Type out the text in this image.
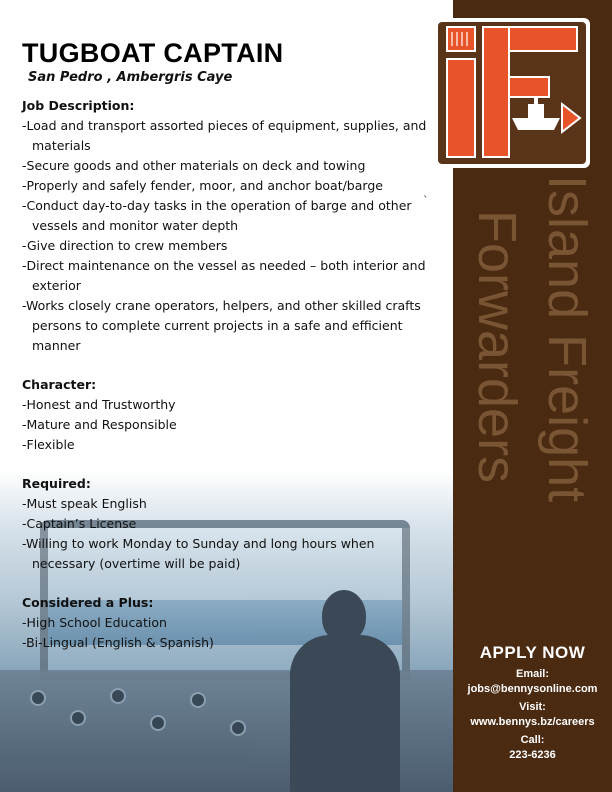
Island Freight
Forwarders
TUGBOAT CAPTAIN
San Pedro , Ambergris Caye
Job Description:
-Load and transport assorted pieces of equipment, supplies, and materials
-Secure goods and other materials on deck and towing
-Properly and safely fender, moor, and anchor boat/barge
-Conduct day-to-day tasks in the operation of barge and other vessels and monitor water depth
-Give direction to crew members
-Direct maintenance on the vessel as needed – both interior and exterior
-Works closely crane operators, helpers, and other skilled crafts persons to complete current projects in a safe and efficient manner
Character:
-Honest and Trustworthy
-Mature and Responsible
-Flexible
Required:
-Must speak English
-Captain’s License
-Willing to work Monday to Sunday and long hours when necessary (overtime will be paid)
Considered a Plus:
-High School Education
-Bi-Lingual (English & Spanish)
`
APPLY NOW
Email:
jobs@bennysonline.com
Visit:
www.bennys.bz/careers
Call:
223-6236
